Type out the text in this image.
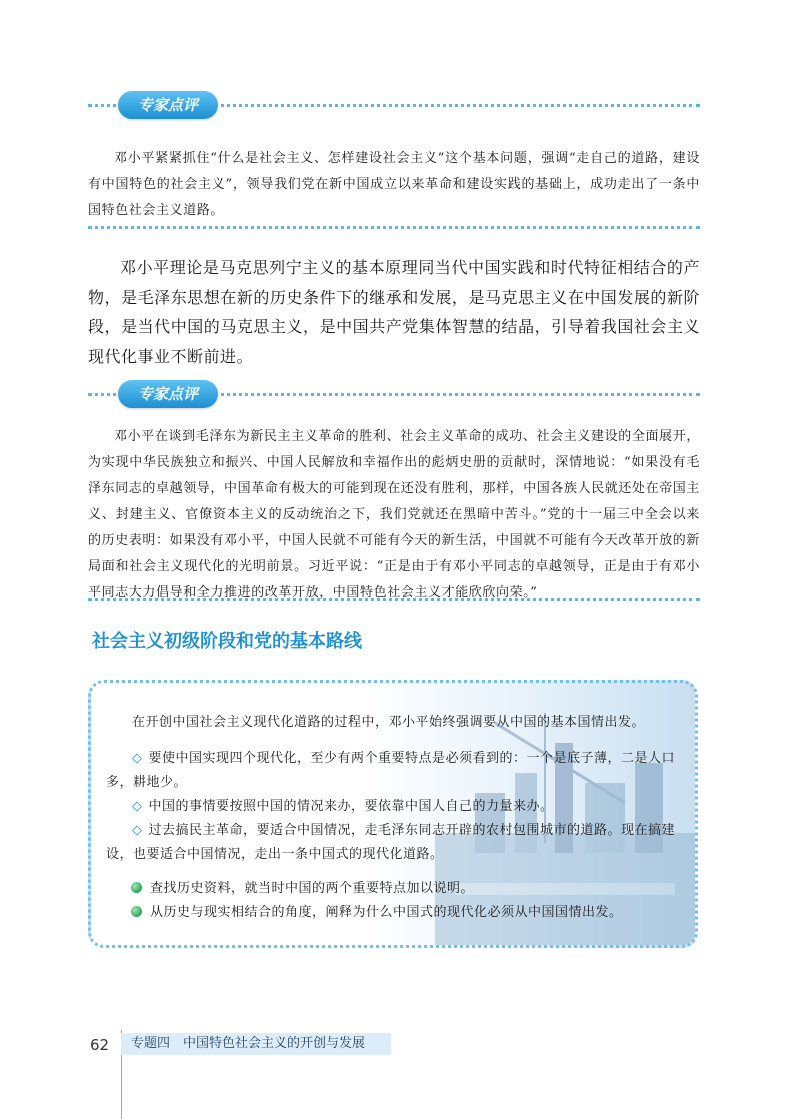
专家点评

邓小平紧紧抓住“什么是社会主义、怎样建设社会主义”这个基本问题，强调“走自己的道路，建设有中国特色的社会主义”，领导我们党在新中国成立以来革命和建设实践的基础上，成功走出了一条中国特色社会主义道路。

邓小平理论是马克思列宁主义的基本原理同当代中国实践和时代特征相结合的产物，是毛泽东思想在新的历史条件下的继承和发展，是马克思主义在中国发展的新阶段，是当代中国的马克思主义，是中国共产党集体智慧的结晶，引导着我国社会主义现代化事业不断前进。

专家点评

邓小平在谈到毛泽东为新民主主义革命的胜利、社会主义革命的成功、社会主义建设的全面展开，为实现中华民族独立和振兴、中国人民解放和幸福作出的彪炳史册的贡献时，深情地说：“如果没有毛泽东同志的卓越领导，中国革命有极大的可能到现在还没有胜利，那样，中国各族人民就还处在帝国主义、封建主义、官僚资本主义的反动统治之下，我们党就还在黑暗中苦斗。”党的十一届三中全会以来的历史表明：如果没有邓小平，中国人民就不可能有今天的新生活，中国就不可能有今天改革开放的新局面和社会主义现代化的光明前景。习近平说：“正是由于有邓小平同志的卓越领导，正是由于有邓小平同志大力倡导和全力推进的改革开放，中国特色社会主义才能欣欣向荣。”

社会主义初级阶段和党的基本路线

在开创中国社会主义现代化道路的过程中，邓小平始终强调要从中国的基本国情出发。

◇ 要使中国实现四个现代化，至少有两个重要特点是必须看到的：一个是底子薄，二是人口多，耕地少。

◇ 中国的事情要按照中国的情况来办，要依靠中国人自己的力量来办。

◇ 过去搞民主革命，要适合中国情况，走毛泽东同志开辟的农村包围城市的道路。现在搞建设，也要适合中国情况，走出一条中国式的现代化道路。

查找历史资料，就当时中国的两个重要特点加以说明。

从历史与现实相结合的角度，阐释为什么中国式的现代化必须从中国国情出发。

62	专题四　中国特色社会主义的开创与发展
